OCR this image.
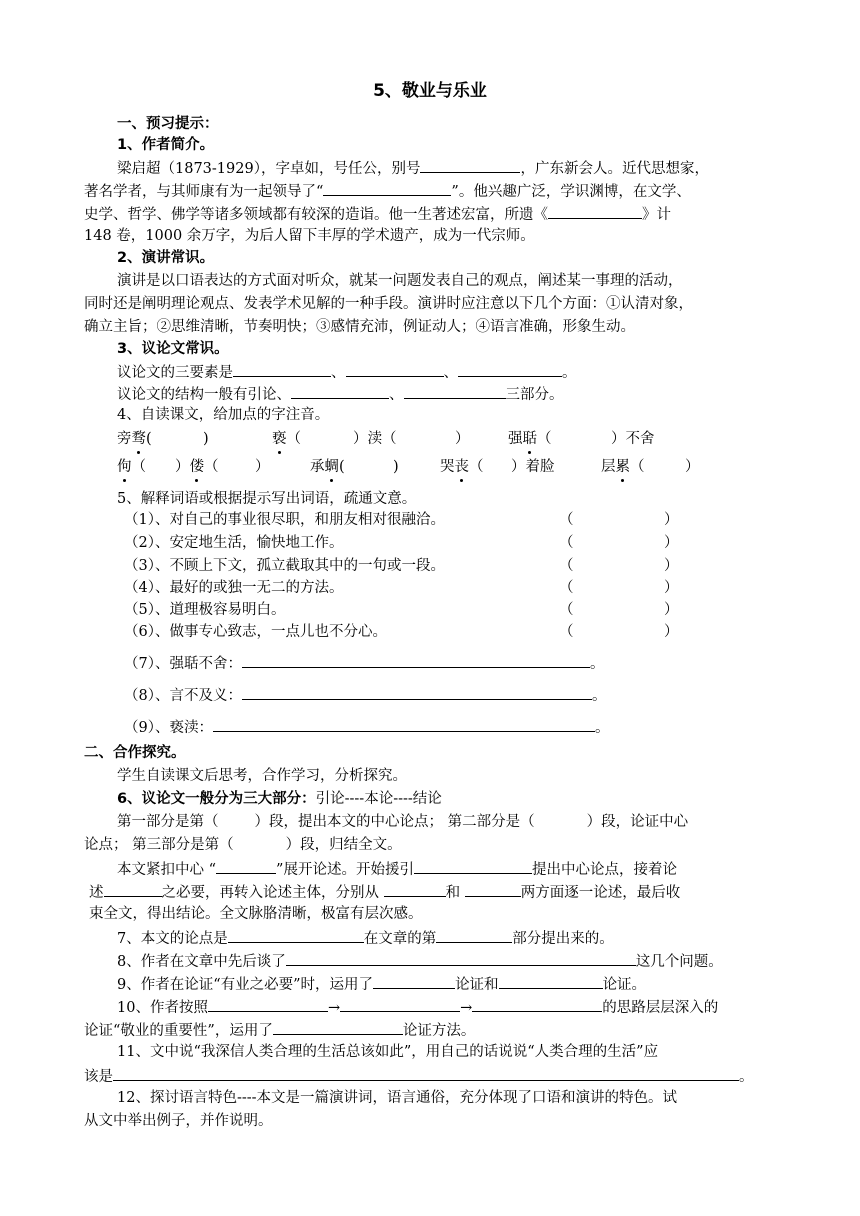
5、敬业与乐业
一、预习提示：
1、作者简介。
梁启超（1873-1929），字卓如，号任公，别号	，广东新会人。近代思想家，
著名学者，与其师康有为一起领导了“	”。他兴趣广泛，学识渊博，在文学、
史学、哲学、佛学等诸多领域都有较深的造诣。他一生著述宏富，所遗《	》计
148 卷，1000 余万字，为后人留下丰厚的学术遗产，成为一代宗师。
2、演讲常识。
演讲是以口语表达的方式面对听众，就某一问题发表自己的观点，阐述某一事理的活动，
同时还是阐明理论观点、发表学术见解的一种手段。演讲时应注意以下几个方面：①认清对象，
确立主旨；②思维清晰，节奏明快；③感情充沛，例证动人；④语言准确，形象生动。
3、议论文常识。
议论文的三要素是	、	、	。
议论文的结构一般有引论、	、	三部分。
4、自读课文，给加点的字注音。
旁骛(	)	亵（	）渎（	）	强聒（	）不舍
佝（ ）偻（	）	承蜩(	)	哭丧（ ）着脸	层累（	）
5、解释词语或根据提示写出词语，疏通文意。
（1）、对自己的事业很尽职，和朋友相对很融洽。	（	）
（2）、安定地生活，愉快地工作。	（	）
（3）、不顾上下文，孤立截取其中的一句或一段。	（	）
（4）、最好的或独一无二的方法。	（	）
（5）、道理极容易明白。	（	）
（6）、做事专心致志，一点儿也不分心。	（	）
（7）、强聒不舍：	。
（8）、言不及义：	。
（9）、亵渎：	。
二、合作探究。
学生自读课文后思考，合作学习，分析探究。
6、议论文一般分为三大部分：引论----本论----结论
第一部分是第（ ）段，提出本文的中心论点； 第二部分是（	）段，论证中心
论点； 第三部分是第（	）段，归结全文。
本文紧扣中心 “	”展开论述。开始援引	提出中心论点，接着论
述	之必要，再转入论述主体，分别从	和	两方面逐一论述，最后收
束全文，得出结论。全文脉胳清晰，极富有层次感。
7、本文的论点是	在文章的第	部分提出来的。
8、作者在文章中先后谈了	这几个问题。
9、作者在论证“有业之必要”时，运用了	论证和	论证。
10、作者按照	→	→	的思路层层深入的
论证“敬业的重要性”，运用了	论证方法。
11、文中说“我深信人类合理的生活总该如此”，用自己的话说说“人类合理的生活”应
该是	。
12、探讨语言特色----本文是一篇演讲词，语言通俗，充分体现了口语和演讲的特色。试
从文中举出例子，并作说明。
